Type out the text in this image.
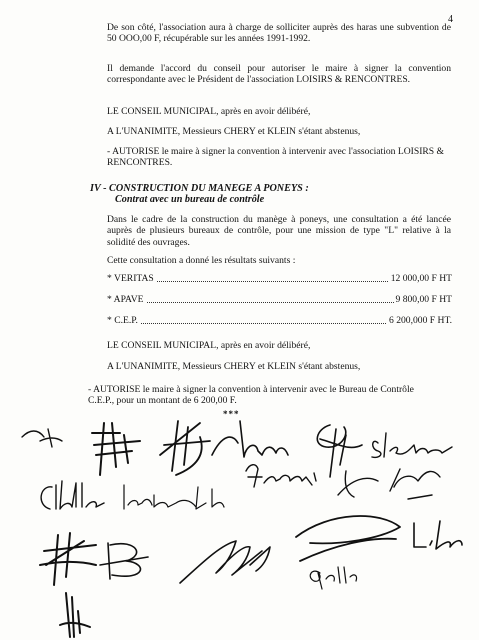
4

De son côté, l'association aura à charge de solliciter auprès des haras une subvention de 50 OOO,00 F, récupérable sur les années 1991-1992.

Il demande l'accord du conseil pour autoriser le maire à signer la convention correspondante avec le Président de l'association LOISIRS & RENCONTRES.

LE CONSEIL MUNICIPAL, après en avoir délibéré,

A L'UNANIMITE, Messieurs CHERY et KLEIN s'étant abstenus,

- AUTORISE le maire à signer la convention à intervenir avec l'association LOISIRS & RENCONTRES.

IV - CONSTRUCTION DU MANEGE A PONEYS :
Contrat avec un bureau de contrôle

Dans le cadre de la construction du manège à poneys, une consultation a été lancée auprès de plusieurs bureaux de contrôle, pour une mission de type "L" relative à la solidité des ouvrages.

Cette consultation a donné les résultats suivants :

* VERITAS	12 000,00 F HT
* APAVE	9 800,00 F HT
* C.E.P.	6 200,000 F HT.

LE CONSEIL MUNICIPAL, après en avoir délibéré,

A L'UNANIMITE, Messieurs CHERY et KLEIN s'étant abstenus,

- AUTORISE le maire à signer la convention à intervenir avec le Bureau de Contrôle C.E.P., pour un montant de 6 200,00 F.

***
